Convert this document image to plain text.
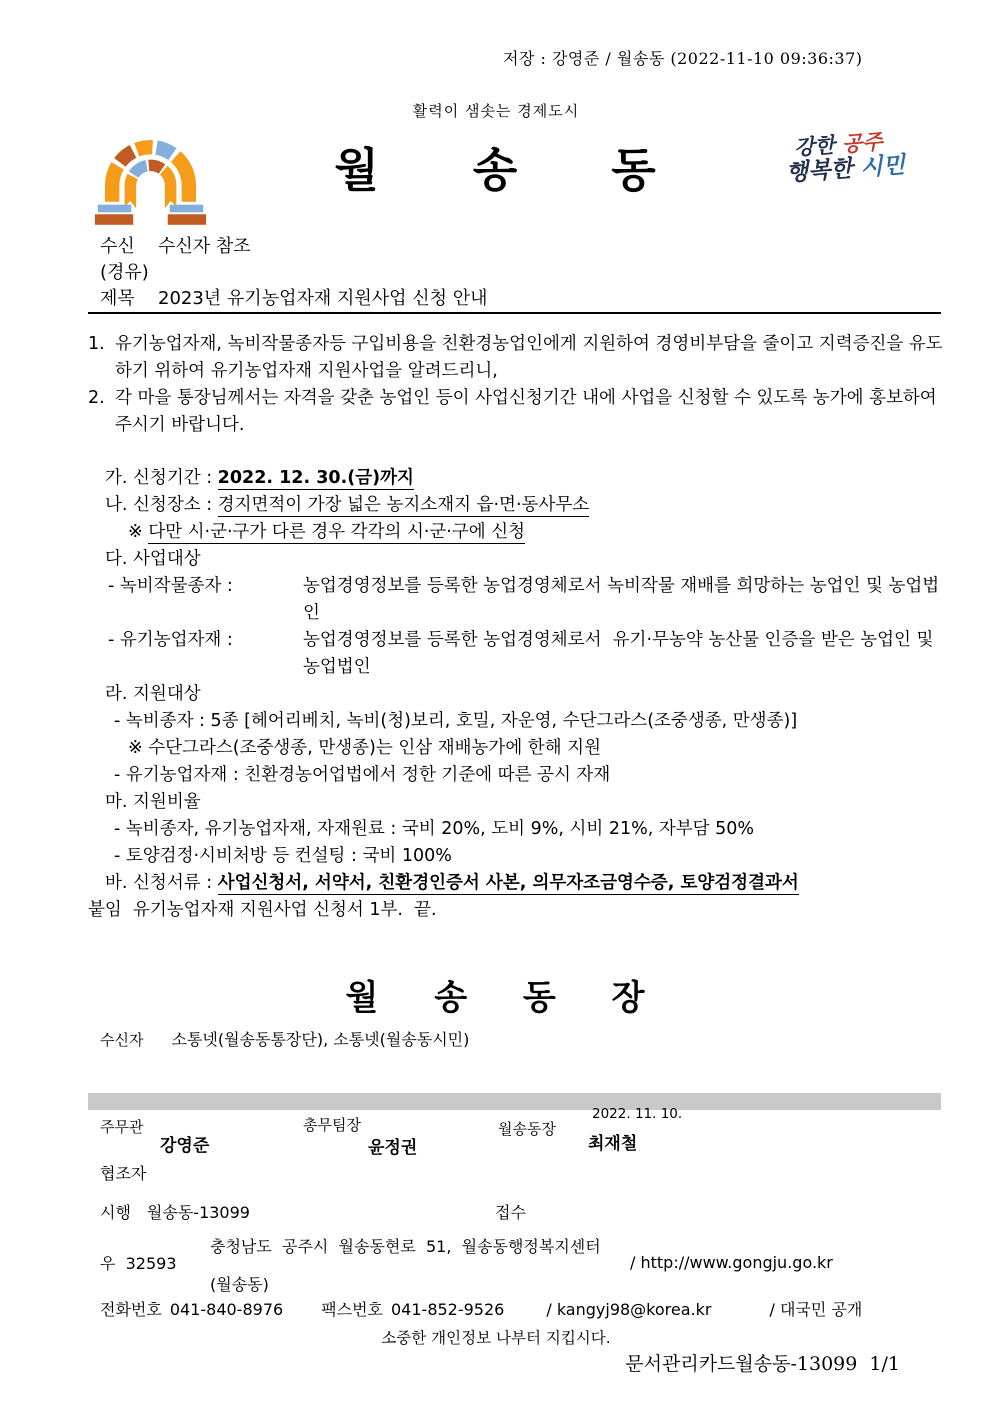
저장 : 강영준 / 월송동 (2022-11-10 09:36:37)
활력이 샘솟는 경제도시
월 송 동	강한 공주
행복한 시민
수신 수신자 참조
(경유)
제목 2023년 유기농업자재 지원사업 신청 안내

1. 유기농업자재, 녹비작물종자등 구입비용을 친환경농업인에게 지원하여 경영비부담을 줄이고 지력증진을 유도하기 위하여 유기농업자재 지원사업을 알려드리니,

2. 각 마을 통장님께서는 자격을 갖춘 농업인 등이 사업신청기간 내에 사업을 신청할 수 있도록 농가에 홍보하여 주시기 바랍니다.

가. 신청기간 : 2022. 12. 30.(금)까지

나. 신청장소 : 경지면적이 가장 넓은 농지소재지 읍·면·동사무소

※ 다만 시·군·구가 다른 경우 각각의 시·군·구에 신청

다. 사업대상

- 녹비작물종자 :	농업경영정보를 등록한 농업경영체로서 녹비작물 재배를 희망하는 농업인 및 농업법인
- 유기농업자재 :	농업경영정보를 등록한 농업경영체로서  유기·무농약 농산물 인증을 받은 농업인 및 농업법인

라. 지원대상

- 녹비종자 : 5종 [헤어리베치, 녹비(청)보리, 호밀, 자운영, 수단그라스(조중생종, 만생종)]

※ 수단그라스(조중생종, 만생종)는 인삼 재배농가에 한해 지원

- 유기농업자재 : 친환경농어업법에서 정한 기준에 따른 공시 자재

마. 지원비율

- 녹비종자, 유기농업자재, 자재원료 : 국비 20%, 도비 9%, 시비 21%, 자부담 50%

- 토양검정·시비처방 등 컨설팅 : 국비 100%

바. 신청서류 : 사업신청서, 서약서, 친환경인증서 사본, 의무자조금영수증, 토양검정결과서

붙임  유기농업자재 지원사업 신청서 1부.  끝.

월 송 동 장
수신자 소통넷(월송동통장단), 소통넷(월송동시민)
주무관
강영준
총무팀장
윤정권
월송동장
최재철
2022. 11. 10.
협조자
시행 월송동-13099	접수
충청남도  공주시  월송동현로  51,  월송동행정복지센터
우  32593	/ http://www.gongju.go.kr
(월송동)
전화번호 041-840-8976 팩스번호 041-852-9526	/ kangyj98@korea.kr	/ 대국민 공개
소중한 개인정보 나부터 지킵시다.
문서관리카드월송동-13099  1/1
